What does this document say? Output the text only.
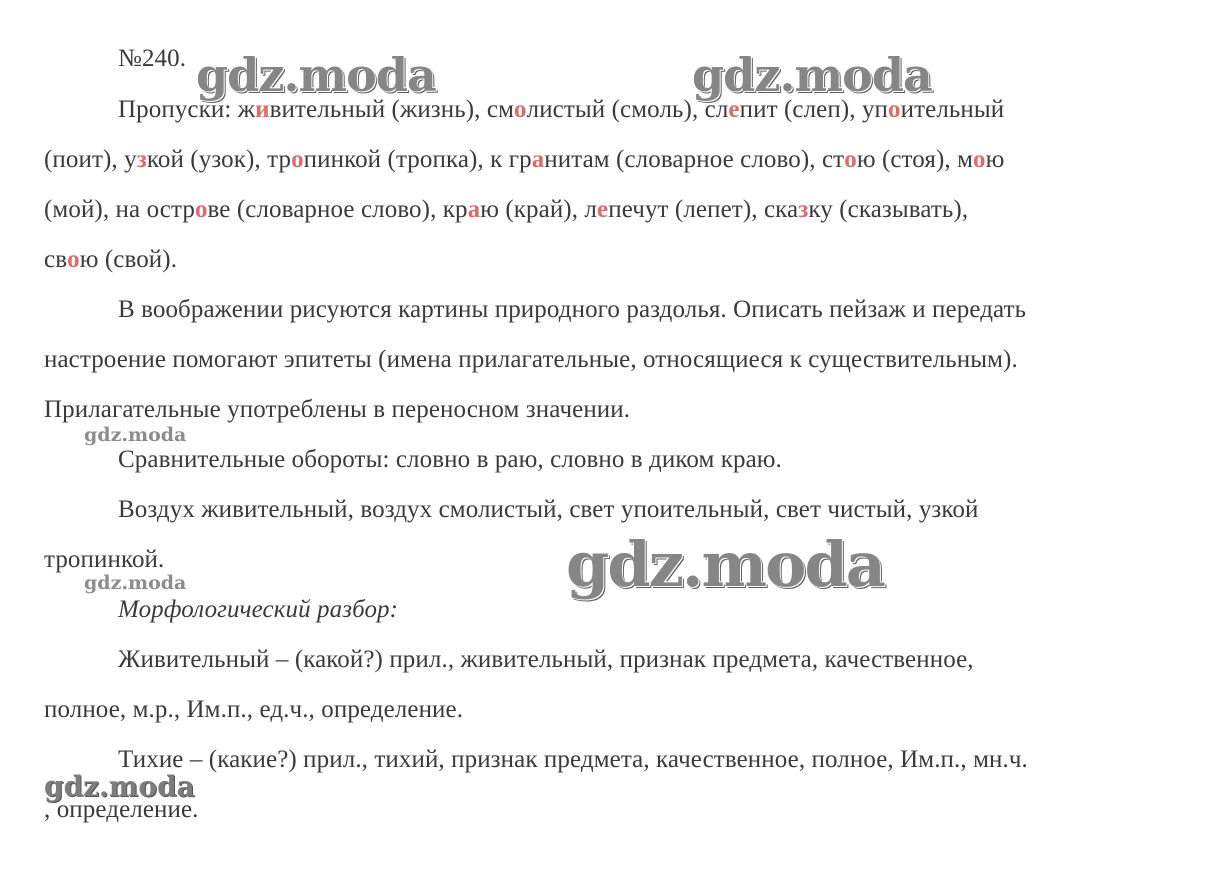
№240.
Пропуски: живительный (жизнь), смолистый (смоль), слепит (слеп), упоительный
(поит), узкой (узок), тропинкой (тропка), к гранитам (словарное слово), стою (стоя), мою
(мой), на острове (словарное слово), краю (край), лепечут (лепет), сказку (сказывать),
свою (свой).
В воображении рисуются картины природного раздолья. Описать пейзаж и передать
настроение помогают эпитеты (имена прилагательные, относящиеся к существительным).
Прилагательные употреблены в переносном значении.
Сравнительные обороты: словно в раю, словно в диком краю.
Воздух живительный, воздух смолистый, свет упоительный, свет чистый, узкой
тропинкой.
Морфологический разбор:
Живительный – (какой?) прил., живительный, признак предмета, качественное,
полное, м.р., Им.п., ед.ч., определение.
Тихие – (какие?) прил., тихий, признак предмета, качественное, полное, Им.п., мн.ч.
, определение.
gdz.moda	gdz.moda
gdz.moda
gdz.moda
gdz.moda
gdz.moda
